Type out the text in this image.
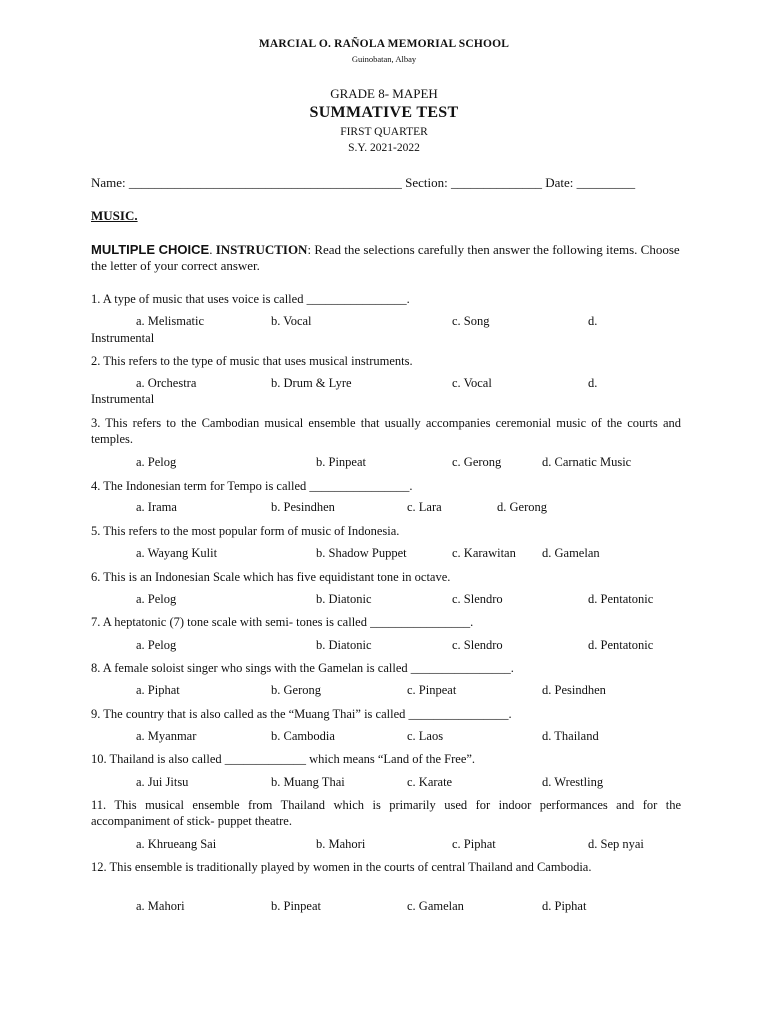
MARCIAL O. RAÑOLA MEMORIAL SCHOOL
Guinobatan, Albay
GRADE 8- MAPEH
SUMMATIVE TEST
FIRST QUARTER
S.Y. 2021-2022
Name: __________________________________________ Section: ______________ Date: _________
MUSIC.
MULTIPLE CHOICE. INSTRUCTION: Read the selections carefully then answer the following items. Choose the letter of your correct answer.
1. A type of music that uses voice is called ________________.
a. Melismatic	b. Vocal	c. Song	d.
Instrumental
2. This refers to the type of music that uses musical instruments.
a. Orchestra	b. Drum & Lyre	c. Vocal	d.
Instrumental
3. This refers to the Cambodian musical ensemble that usually accompanies ceremonial music of the courts and temples.
a. Pelog	b. Pinpeat	c. Gerong	d. Carnatic Music
4. The Indonesian term for Tempo is called ________________.
a. Irama	b. Pesindhen	c. Lara	d. Gerong
5. This refers to the most popular form of music of Indonesia.
a. Wayang Kulit	b. Shadow Puppet	c. Karawitan d. Gamelan
6. This is an Indonesian Scale which has five equidistant tone in octave.
a. Pelog	b. Diatonic	c. Slendro	d. Pentatonic
7. A heptatonic (7) tone scale with semi- tones is called ________________.
a. Pelog	b. Diatonic	c. Slendro	d. Pentatonic
8. A female soloist singer who sings with the Gamelan is called ________________.
a. Piphat	b. Gerong	c. Pinpeat	d. Pesindhen
9. The country that is also called as the “Muang Thai” is called ________________.
a. Myanmar	b. Cambodia	c. Laos	d. Thailand
10. Thailand is also called _____________ which means “Land of the Free”.
a. Jui Jitsu	b. Muang Thai	c. Karate	d. Wrestling
11. This musical ensemble from Thailand which is primarily used for indoor performances and for the accompaniment of stick- puppet theatre.
a. Khrueang Sai	b. Mahori	c. Piphat	d. Sep nyai
12. This ensemble is traditionally played by women in the courts of central Thailand and Cambodia.
a. Mahori	b. Pinpeat	c. Gamelan	d. Piphat
